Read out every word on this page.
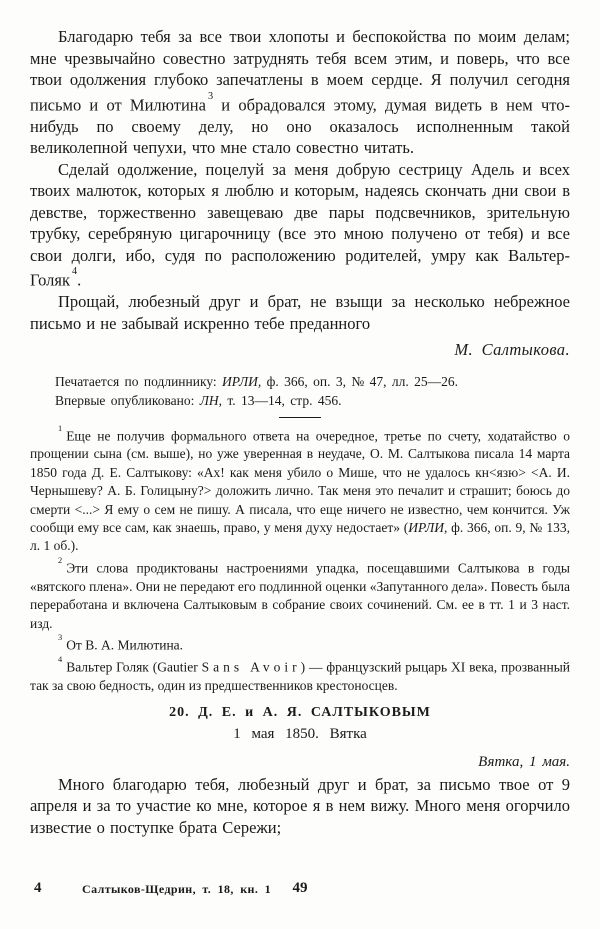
Благодарю тебя за все твои хлопоты и беспокойства по моим делам; мне чрезвычайно совестно затруднять тебя всем этим, и поверь, что все твои одолжения глубоко запечатлены в моем сердце. Я получил сегодня письмо и от Милютина $^3$ и обрадовался этому, думая видеть в нем что-нибудь по своему делу, но оно оказалось исполненным такой великолепной чепухи, что мне стало совестно читать.

Сделай одолжение, поцелуй за меня добрую сестрицу Адель и всех твоих малюток, которых я люблю и которым, надеясь скончать дни свои в девстве, торжественно завещеваю две пары подсвечников, зрительную трубку, серебряную цигарочницу (все это мною получено от тебя) и все свои долги, ибо, судя по расположению родителей, умру как Вальтер-Голяк $^4$.

Прощай, любезный друг и брат, не взыщи за несколько небрежное письмо и не забывай искренно тебе преданного

М. Салтыкова.
Печатается по подлиннику: ИРЛИ, ф. 366, оп. 3, № 47, лл. 25—26.
Впервые опубликовано: ЛН, т. 13—14, стр. 456.

$^1$ Еще не получив формального ответа на очередное, третье по счету, ходатайство о прощении сына (см. выше), но уже уверенная в неудаче, О. М. Салтыкова писала 14 марта 1850 года Д. Е. Салтыкову: «Ах! как меня убило о Мише, что не удалось кн<язю> <А. И. Чернышеву? А. Б. Голицыну?> доложить лично. Так меня это печалит и страшит; боюсь до смерти <...> Я ему о сем не пишу. А писала, что еще ничего не известно, чем кончится. Уж сообщи ему все сам, как знаешь, право, у меня духу недостает» (ИРЛИ, ф. 366, оп. 9, № 133, л. 1 об.).

$^2$ Эти слова продиктованы настроениями упадка, посещавшими Салтыкова в годы «вятского плена». Они не передают его подлинной оценки «Запутанного дела». Повесть была переработана и включена Салтыковым в собрание своих сочинений. См. ее в тт. 1 и 3 наст. изд.

$^3$ От В. А. Милютина.

$^4$ Вальтер Голяк (Gautier Sans Avoir) — французский рыцарь XI века, прозванный так за свою бедность, один из предшественников крестоносцев.

20. Д. Е. и А. Я. САЛТЫКОВЫМ
1 мая 1850. Вятка
Вятка, 1 мая.

Много благодарю тебя, любезный друг и брат, за письмо твое от 9 апреля и за то участие ко мне, которое я в нем вижу. Много меня огорчило известие о поступке брата Сережи;

4	Салтыков-Щедрин, т. 18, кн. 1 49
